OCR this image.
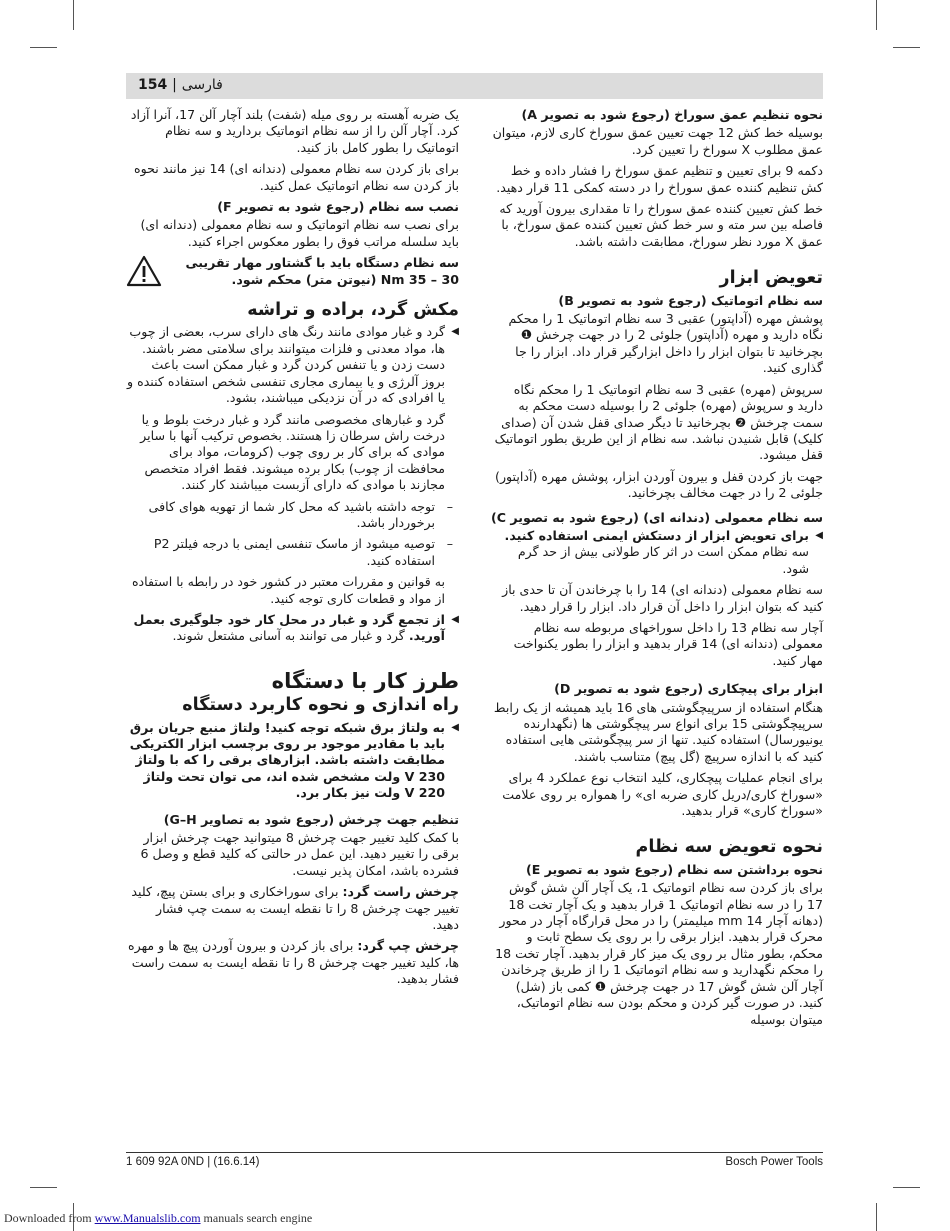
154 | فارسی
نحوه تنظیم عمق سوراخ (رجوع شود به تصویر A)

بوسیله خط کش 12 جهت تعیین عمق سوراخ کاری لازم، میتوان عمق مطلوب X سوراخ را تعیین کرد.

دکمه 9 برای تعیین و تنظیم عمق سوراخ را فشار داده و خط کش تنظیم کننده عمق سوراخ را در دسته کمکی 11 قرار دهید.

خط کش تعیین کننده عمق سوراخ را تا مقداری بیرون آورید که فاصله بین سر مته و سر خط کش تعیین کننده عمق سوراخ، با عمق X مورد نظر سوراخ، مطابقت داشته باشد.

تعویض ابزار
سه نظام اتوماتیک (رجوع شود به تصویر B)

پوشش مهره (آداپتور) عقبی 3 سه نظام اتوماتیک 1 را محکم نگاه دارید و مهره (آداپتور) جلوئی 2 را در جهت چرخش ❶ بچرخانید تا بتوان ابزار را داخل ابزارگیر قرار داد. ابزار را جا گذاری کنید.

سرپوش (مهره) عقبی 3 سه نظام اتوماتیک 1 را محکم نگاه دارید و سرپوش (مهره) جلوئی 2 را بوسیله دست محکم به سمت چرخش ❷ بچرخانید تا دیگر صدای قفل شدن آن (صدای کلیک) قابل شنیدن نباشد. سه نظام از این طریق بطور اتوماتیک قفل میشود.

جهت باز کردن قفل و بیرون آوردن ابزار، پوشش مهره (آداپتور) جلوئی 2 را در جهت مخالف بچرخانید.

سه نظام معمولی (دندانه ای) (رجوع شود به تصویر C)
◀ برای تعویض ابزار از دستکش ایمنی استفاده کنید. سه نظام ممکن است در اثر کار طولانی بیش از حد گرم شود.

سه نظام معمولی (دندانه ای) 14 را با چرخاندن آن تا حدی باز کنید که بتوان ابزار را داخل آن قرار داد. ابزار را قرار دهید.

آچار سه نظام 13 را داخل سوراخهای مربوطه سه نظام معمولی (دندانه ای) 14 قرار بدهید و ابزار را بطور یکنواخت مهار کنید.

ابزار برای پیچکاری (رجوع شود به تصویر D)

هنگام استفاده از سرپیچگوشتی های 16 باید همیشه از یک رابط سرپیچگوشتی 15 برای انواع سر پیچگوشتی ها (نگهدارنده یونیورسال) استفاده کنید. تنها از سر پیچگوشتی هایی استفاده کنید که با اندازه سرپیچ (گل پیچ) متناسب باشند.

برای انجام عملیات پیچکاری، کلید انتخاب نوع عملکرد 4 برای «سوراخ کاری/دریل کاری ضربه ای» را همواره بر روی علامت «سوراخ کاری» قرار بدهید.

نحوه تعویض سه نظام
نحوه برداشتن سه نظام (رجوع شود به تصویر E)

برای باز کردن سه نظام اتوماتیک 1، یک آچار آلن شش گوش 17 را در سه نظام اتوماتیک 1 قرار بدهید و یک آچار تخت 18 (دهانه آچار 14 mm میلیمتر) را در محل قرارگاه آچار در محور محرک قرار بدهید. ابزار برقی را بر روی یک سطح ثابت و محکم، بطور مثال بر روی یک میز کار قرار بدهید. آچار تخت 18 را محکم نگهدارید و سه نظام اتوماتیک 1 را از طریق چرخاندن آچار آلن شش گوش 17 در جهت چرخش ❶ کمی باز (شل) کنید. در صورت گیر کردن و محکم بودن سه نظام اتوماتیک، میتوان بوسیله

یک ضربه آهسته بر روی میله (شفت) بلند آچار آلن 17، آنرا آزاد کرد. آچار آلن را از سه نظام اتوماتیک بردارید و سه نظام اتوماتیک را بطور کامل باز کنید.

برای باز کردن سه نظام معمولی (دندانه ای) 14 نیز مانند نحوه باز کردن سه نظام اتوماتیک عمل کنید.

نصب سه نظام (رجوع شود به تصویر F)

برای نصب سه نظام اتوماتیک و سه نظام معمولی (دندانه ای) باید سلسله مراتب فوق را بطور معکوس اجراء کنید.

سه نظام دستگاه باید با گشتاور مهار تقریبی 30 – 35 Nm (نیوتن متر) محکم شود.

مکش گرد، براده و تراشه
◀ گرد و غبار موادی مانند رنگ های دارای سرب، بعضی از چوب ها، مواد معدنی و فلزات میتوانند برای سلامتی مضر باشند. دست زدن و یا تنفس کردن گرد و غبار ممکن است باعث بروز آلرژی و یا بیماری مجاری تنفسی شخص استفاده کننده و یا افرادی که در آن نزدیکی میباشند، بشود.

گرد و غبارهای مخصوصی مانند گرد و غبار درخت بلوط و یا درخت راش سرطان زا هستند. بخصوص ترکیب آنها با سایر موادی که برای کار بر روی چوب (کرومات، مواد برای محافظت از چوب) بکار برده میشوند. فقط افراد متخصص مجازند با موادی که دارای آزبست میباشند کار کنند.

– توجه داشته باشید که محل کار شما از تهویه هوای کافی برخوردار باشد.
– توصیه میشود از ماسک تنفسی ایمنی با درجه فیلتر P2 استفاده کنید.

به قوانین و مقررات معتبر در کشور خود در رابطه با استفاده از مواد و قطعات کاری توجه کنید.

◀ از تجمع گرد و غبار در محل کار خود جلوگیری بعمل آورید. گرد و غبار می توانند به آسانی مشتعل شوند.
طرز کار با دستگاه
راه اندازی و نحوه کاربرد دستگاه
◀ به ولتاژ برق شبکه توجه کنید! ولتاژ منبع جریان برق باید با مقادیر موجود بر روی برچسب ابزار الکتریکی مطابقت داشته باشد. ابزارهای برقی را که با ولتاژ 230 V ولت مشخص شده اند، می توان تحت ولتاژ 220 V ولت نیز بکار برد.
تنظیم جهت چرخش (رجوع شود به تصاویر G–H)

با کمک کلید تغییر جهت چرخش 8 میتوانید جهت چرخش ابزار برقی را تغییر دهید. این عمل در حالتی که کلید قطع و وصل 6 فشرده باشد، امکان پذیر نیست.

چرخش راست گرد: برای سوراخکاری و برای بستن پیچ، کلید تغییر جهت چرخش 8 را تا نقطه ایست به سمت چپ فشار دهید.

چرخش چپ گرد: برای باز کردن و بیرون آوردن پیچ ها و مهره ها، کلید تغییر جهت چرخش 8 را تا نقطه ایست به سمت راست فشار بدهید.

1 609 92A 0ND | (16.6.14)	Bosch Power Tools
Downloaded from www.Manualslib.com manuals search engine
